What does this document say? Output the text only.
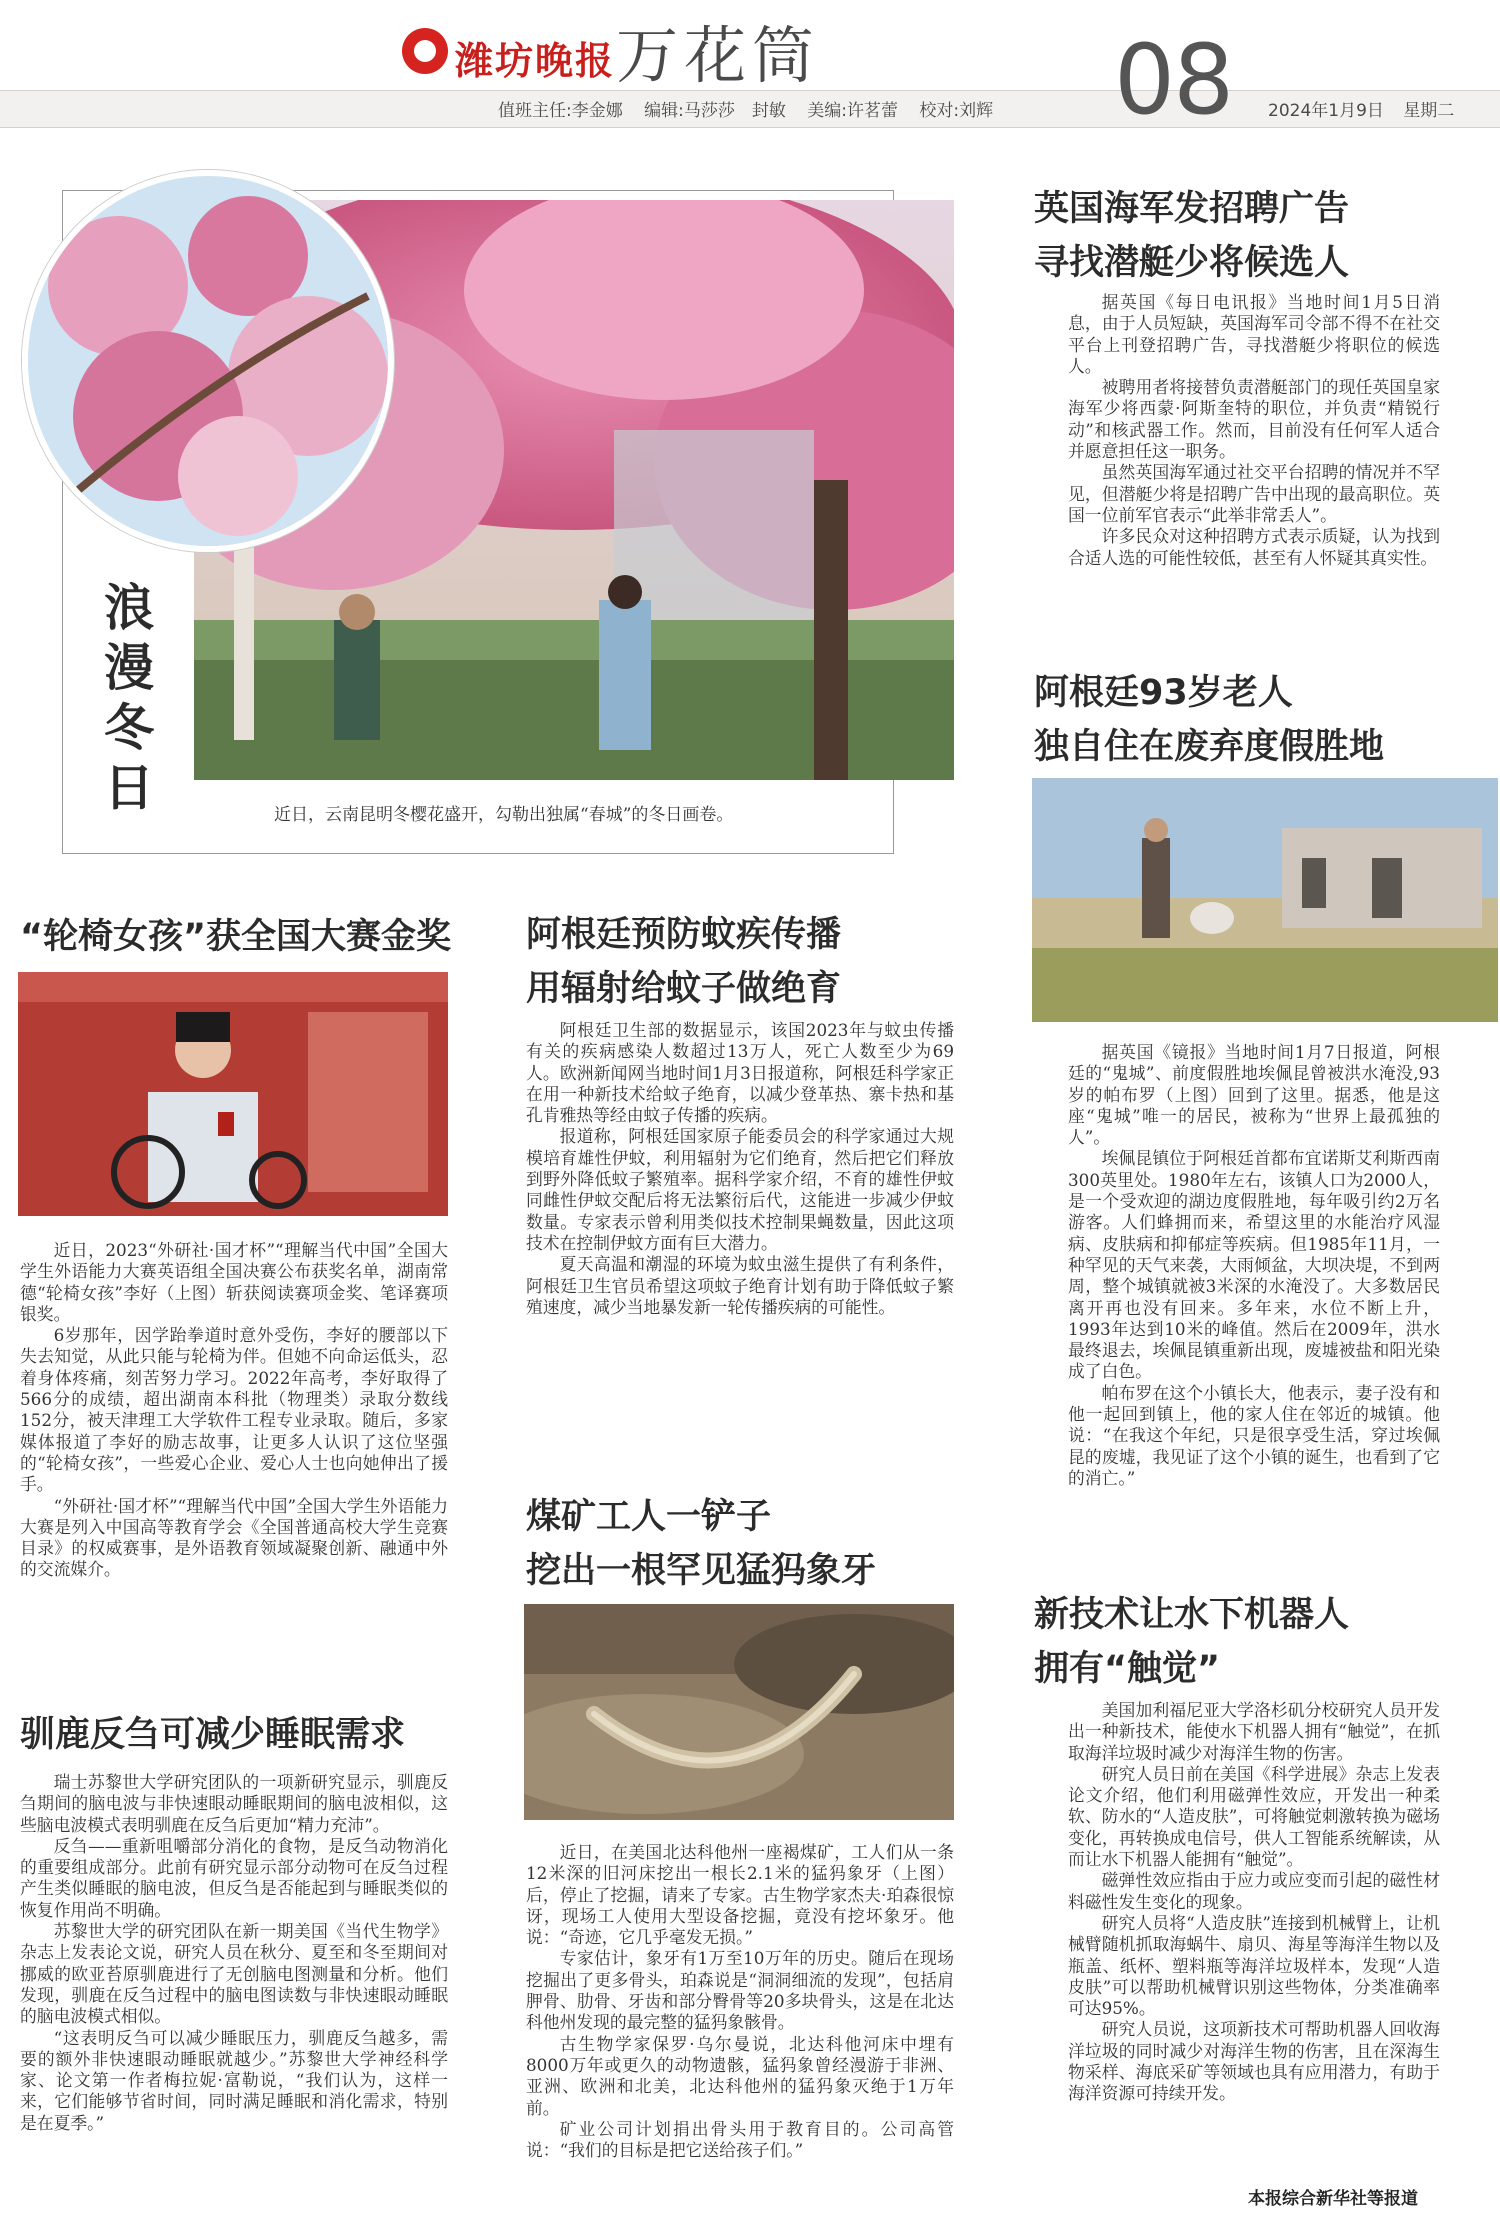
潍坊晚报 万花筒
值班主任:李金娜 编辑:马莎莎　封敏 美编:许茗蕾 校对:刘辉 08 2024年1月9日 星期二
浪漫冬日	近日，云南昆明冬樱花盛开，勾勒出独属“春城”的冬日画卷。
英国海军发招聘广告
寻找潜艇少将候选人

据英国《每日电讯报》当地时间1月5日消息，由于人员短缺，英国海军司令部不得不在社交平台上刊登招聘广告，寻找潜艇少将职位的候选人。

被聘用者将接替负责潜艇部门的现任英国皇家海军少将西蒙·阿斯奎特的职位，并负责“精锐行动”和核武器工作。然而，目前没有任何军人适合并愿意担任这一职务。

虽然英国海军通过社交平台招聘的情况并不罕见，但潜艇少将是招聘广告中出现的最高职位。英国一位前军官表示“此举非常丢人”。

许多民众对这种招聘方式表示质疑，认为找到合适人选的可能性较低，甚至有人怀疑其真实性。

阿根廷93岁老人
独自住在废弃度假胜地

据英国《镜报》当地时间1月7日报道，阿根廷的“鬼城”、前度假胜地埃佩昆曾被洪水淹没,93岁的帕布罗（上图）回到了这里。据悉，他是这座“鬼城”唯一的居民，被称为“世界上最孤独的人”。

埃佩昆镇位于阿根廷首都布宜诺斯艾利斯西南300英里处。1980年左右，该镇人口为2000人，是一个受欢迎的湖边度假胜地，每年吸引约2万名游客。人们蜂拥而来，希望这里的水能治疗风湿病、皮肤病和抑郁症等疾病。但1985年11月，一种罕见的天气来袭，大雨倾盆，大坝决堤，不到两周，整个城镇就被3米深的水淹没了。大多数居民离开再也没有回来。多年来，水位不断上升，1993年达到10米的峰值。然后在2009年，洪水最终退去，埃佩昆镇重新出现，废墟被盐和阳光染成了白色。

帕布罗在这个小镇长大，他表示，妻子没有和他一起回到镇上，他的家人住在邻近的城镇。他说：“在我这个年纪，只是很享受生活，穿过埃佩昆的废墟，我见证了这个小镇的诞生，也看到了它的消亡。”

新技术让水下机器人
拥有“触觉”

美国加利福尼亚大学洛杉矶分校研究人员开发出一种新技术，能使水下机器人拥有“触觉”，在抓取海洋垃圾时减少对海洋生物的伤害。

研究人员日前在美国《科学进展》杂志上发表论文介绍，他们利用磁弹性效应，开发出一种柔软、防水的“人造皮肤”，可将触觉刺激转换为磁场变化，再转换成电信号，供人工智能系统解读，从而让水下机器人能拥有“触觉”。

磁弹性效应指由于应力或应变而引起的磁性材料磁性发生变化的现象。

研究人员将“人造皮肤”连接到机械臂上，让机械臂随机抓取海蜗牛、扇贝、海星等海洋生物以及瓶盖、纸杯、塑料瓶等海洋垃圾样本，发现“人造皮肤”可以帮助机械臂识别这些物体，分类准确率可达95%。

研究人员说，这项新技术可帮助机器人回收海洋垃圾的同时减少对海洋生物的伤害，且在深海生物采样、海底采矿等领域也具有应用潜力，有助于海洋资源可持续开发。

本报综合新华社等报道
“轮椅女孩”获全国大赛金奖

近日，2023“外研社·国才杯”“理解当代中国”全国大学生外语能力大赛英语组全国决赛公布获奖名单，湖南常德“轮椅女孩”李好（上图）斩获阅读赛项金奖、笔译赛项银奖。

6岁那年，因学跆拳道时意外受伤，李好的腰部以下失去知觉，从此只能与轮椅为伴。但她不向命运低头，忍着身体疼痛，刻苦努力学习。2022年高考，李好取得了566分的成绩，超出湖南本科批（物理类）录取分数线152分，被天津理工大学软件工程专业录取。随后，多家媒体报道了李好的励志故事，让更多人认识了这位坚强的“轮椅女孩”，一些爱心企业、爱心人士也向她伸出了援手。

“外研社·国才杯”“理解当代中国”全国大学生外语能力大赛是列入中国高等教育学会《全国普通高校大学生竞赛目录》的权威赛事，是外语教育领域凝聚创新、融通中外的交流媒介。

驯鹿反刍可减少睡眠需求

瑞士苏黎世大学研究团队的一项新研究显示，驯鹿反刍期间的脑电波与非快速眼动睡眠期间的脑电波相似，这些脑电波模式表明驯鹿在反刍后更加“精力充沛”。

反刍——重新咀嚼部分消化的食物，是反刍动物消化的重要组成部分。此前有研究显示部分动物可在反刍过程产生类似睡眠的脑电波，但反刍是否能起到与睡眠类似的恢复作用尚不明确。

苏黎世大学的研究团队在新一期美国《当代生物学》杂志上发表论文说，研究人员在秋分、夏至和冬至期间对挪威的欧亚苔原驯鹿进行了无创脑电图测量和分析。他们发现，驯鹿在反刍过程中的脑电图读数与非快速眼动睡眠的脑电波模式相似。

“这表明反刍可以减少睡眠压力，驯鹿反刍越多，需要的额外非快速眼动睡眠就越少。”苏黎世大学神经科学家、论文第一作者梅拉妮·富勒说，“我们认为，这样一来，它们能够节省时间，同时满足睡眠和消化需求，特别是在夏季。”

阿根廷预防蚊疾传播
用辐射给蚊子做绝育

阿根廷卫生部的数据显示，该国2023年与蚊虫传播有关的疾病感染人数超过13万人，死亡人数至少为69人。欧洲新闻网当地时间1月3日报道称，阿根廷科学家正在用一种新技术给蚊子绝育，以减少登革热、寨卡热和基孔肯雅热等经由蚊子传播的疾病。

报道称，阿根廷国家原子能委员会的科学家通过大规模培育雄性伊蚊，利用辐射为它们绝育，然后把它们释放到野外降低蚊子繁殖率。据科学家介绍，不育的雄性伊蚊同雌性伊蚊交配后将无法繁衍后代，这能进一步减少伊蚊数量。专家表示曾利用类似技术控制果蝇数量，因此这项技术在控制伊蚊方面有巨大潜力。

夏天高温和潮湿的环境为蚊虫滋生提供了有利条件，阿根廷卫生官员希望这项蚊子绝育计划有助于降低蚊子繁殖速度，减少当地暴发新一轮传播疾病的可能性。

煤矿工人一铲子
挖出一根罕见猛犸象牙

近日，在美国北达科他州一座褐煤矿，工人们从一条12米深的旧河床挖出一根长2.1米的猛犸象牙（上图）后，停止了挖掘，请来了专家。古生物学家杰夫·珀森很惊讶，现场工人使用大型设备挖掘，竟没有挖坏象牙。他说：“奇迹，它几乎毫发无损。”

专家估计，象牙有1万至10万年的历史。随后在现场挖掘出了更多骨头，珀森说是“洞洞细流的发现”，包括肩胛骨、肋骨、牙齿和部分臀骨等20多块骨头，这是在北达科他州发现的最完整的猛犸象骸骨。

古生物学家保罗·乌尔曼说，北达科他河床中埋有8000万年或更久的动物遗骸，猛犸象曾经漫游于非洲、亚洲、欧洲和北美，北达科他州的猛犸象灭绝于1万年前。

矿业公司计划捐出骨头用于教育目的。公司高管说：“我们的目标是把它送给孩子们。”
